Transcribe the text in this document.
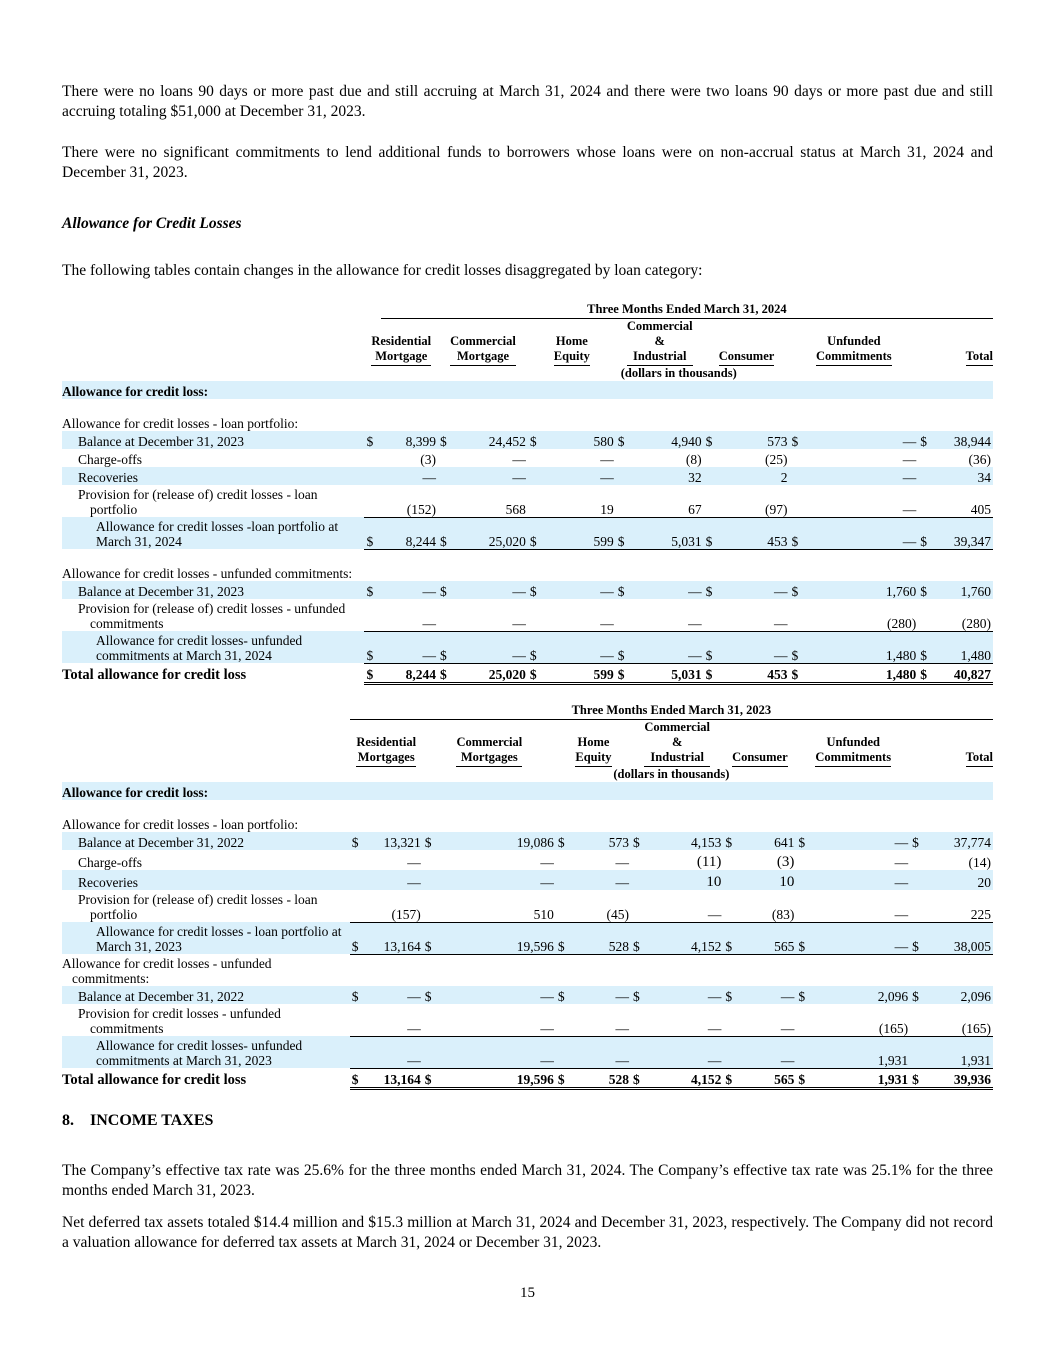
There were no loans 90 days or more past due and still accruing at March 31, 2024 and there were two loans 90 days or more past due and still accruing totaling $51,000 at December 31, 2023.

There were no significant commitments to lend additional funds to borrowers whose loans were on non-accrual status at March 31, 2024 and December 31, 2023.

Allowance for Credit Losses

The following tables contain changes in the allowance for credit losses disaggregated by loan category:

		Three Months Ended March 31, 2024												
	Residential
Mortgage		Commercial
Mortgage		Home
Equity		Commercial
&
Industrial		Consumer		Unfunded
Commitments		Total	
	(dollars in thousands)													
Allowance for credit loss:														
Allowance for credit losses - loan portfolio:														
Balance at December 31, 2023	$	8,399	$	24,452	$	580	$	4,940	$	573	$	—	$	38,944
Charge-offs		(3)		—		—		(8)		(25)		—		(36)
Recoveries		—		—		—		32		2		—		34
Provision for (release of) credit losses - loan portfolio		(152)		568		19		67		(97)		—		405
Allowance for credit losses -loan portfolio at March 31, 2024	$	8,244	$	25,020	$	599	$	5,031	$	453	$	—	$	39,347
Allowance for credit losses - unfunded commitments:														
Balance at December 31, 2023	$	—	$	—	$	—	$	—	$	—	$	1,760	$	1,760
Provision for (release of) credit losses - unfunded commitments		—		—		—		—		—		(280)		(280)
Allowance for credit losses- unfunded commitments at March 31, 2024	$	—	$	—	$	—	$	—	$	—	$	1,480	$	1,480
Total allowance for credit loss	$	8,244	$	25,020	$	599	$	5,031	$	453	$	1,480	$	40,827
	Three Months Ended March 31, 2023													
	Residential
Mortgages		Commercial
Mortgages		Home
Equity		Commercial
&
Industrial		Consumer		Unfunded
Commitments		Total	
	(dollars in thousands)													
Allowance for credit loss:														
Allowance for credit losses - loan portfolio:														
Balance at December 31, 2022	$	13,321	$	19,086	$	573	$	4,153	$	641	$	—	$	37,774
Charge-offs		—		—		—		(11)		(3)		—		(14)
Recoveries		—		—		—		10		10		—		20
Provision for (release of) credit losses - loan portfolio		(157)		510		(45)		—		(83)		—		225
Allowance for credit losses - loan portfolio at March 31, 2023	$	13,164	$	19,596	$	528	$	4,152	$	565	$	—	$	38,005
Allowance for credit losses - unfunded commitments:														
Balance at December 31, 2022	$	—	$	—	$	—	$	—	$	—	$	2,096	$	2,096
Provision for credit losses - unfunded commitments		—		—		—		—		—		(165)		(165)
Allowance for credit losses- unfunded commitments at March 31, 2023		—		—		—		—		—		1,931		1,931
Total allowance for credit loss	$	13,164	$	19,596	$	528	$	4,152	$	565	$	1,931	$	39,936
8.    INCOME TAXES

The Company’s effective tax rate was 25.6% for the three months ended March 31, 2024. The Company’s effective tax rate was 25.1% for the three months ended March 31, 2023.

Net deferred tax assets totaled $14.4 million and $15.3 million at March 31, 2024 and December 31, 2023, respectively. The Company did not record a valuation allowance for deferred tax assets at March 31, 2024 or December 31, 2023.

15
